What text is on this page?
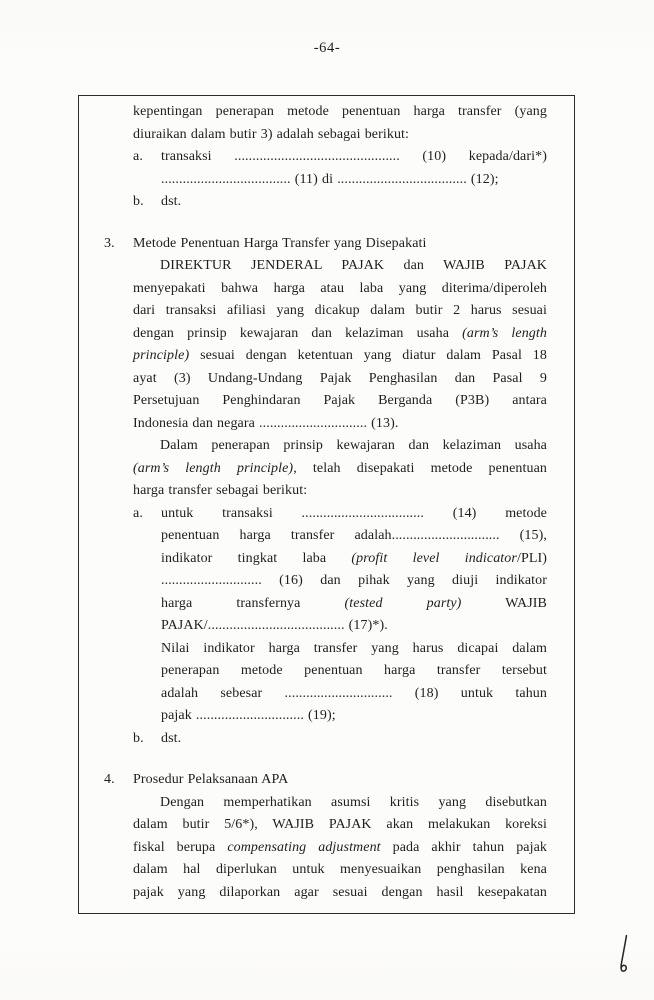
-64-
kepentingan penerapan metode penentuan harga transfer (yang
diuraikan dalam butir 3) adalah sebagai berikut:
a. transaksi .............................................. (10) kepada/dari*)
.................................... (11) di .................................... (12);
b. dst.
3. Metode Penentuan Harga Transfer yang Disepakati
DIREKTUR JENDERAL PAJAK dan WAJIB PAJAK
menyepakati bahwa harga atau laba yang diterima/diperoleh
dari transaksi afiliasi yang dicakup dalam butir 2 harus sesuai
dengan prinsip kewajaran dan kelaziman usaha (arm’s length
principle) sesuai dengan ketentuan yang diatur dalam Pasal 18
ayat (3) Undang-Undang Pajak Penghasilan dan Pasal 9
Persetujuan Penghindaran Pajak Berganda (P3B) antara
Indonesia dan negara .............................. (13).
Dalam penerapan prinsip kewajaran dan kelaziman usaha
(arm’s length principle), telah disepakati metode penentuan
harga transfer sebagai berikut:
a. untuk transaksi .................................. (14) metode
penentuan harga transfer adalah.............................. (15),
indikator tingkat laba (profit level indicator/PLI)
............................ (16) dan pihak yang diuji indikator
harga transfernya (tested party) WAJIB
PAJAK/...................................... (17)*).
Nilai indikator harga transfer yang harus dicapai dalam
penerapan metode penentuan harga transfer tersebut
adalah sebesar .............................. (18) untuk tahun
pajak .............................. (19);
b. dst.
4. Prosedur Pelaksanaan APA
Dengan memperhatikan asumsi kritis yang disebutkan
dalam butir 5/6*), WAJIB PAJAK akan melakukan koreksi
fiskal berupa compensating adjustment pada akhir tahun pajak
dalam hal diperlukan untuk menyesuaikan penghasilan kena
pajak yang dilaporkan agar sesuai dengan hasil kesepakatan
